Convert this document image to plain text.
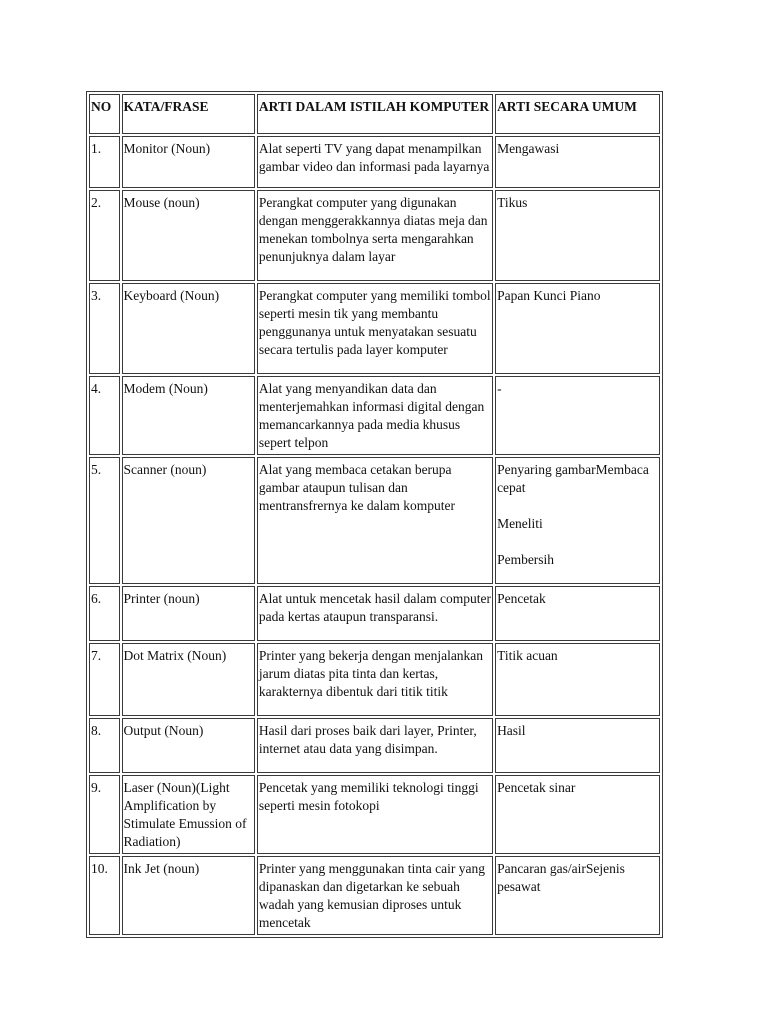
NO	KATA/FRASE	ARTI DALAM ISTILAH KOMPUTER	ARTI SECARA UMUM
1.	Monitor (Noun)	Alat seperti TV yang dapat menampilkan gambar video dan informasi pada layarnya	Mengawasi

2.	Mouse (noun)	Perangkat computer yang digunakan dengan menggerakkannya diatas meja dan menekan tombolnya serta mengarahkan penunjuknya dalam layar	Tikus

3.	Keyboard (Noun)	Perangkat computer yang memiliki tombol seperti mesin tik yang membantu penggunanya untuk menyatakan sesuatu secara tertulis pada layer komputer	Papan Kunci Piano

4.	Modem (Noun)	Alat yang menyandikan data dan menterjemahkan informasi digital dengan memancarkannya pada media khusus sepert telpon	-

5.	Scanner (noun)	Alat yang membaca cetakan berupa gambar ataupun tulisan dan mentransfrernya ke dalam komputer	Penyaring gambarMembaca cepat
Meneliti
Pembersih

6.	Printer (noun)	Alat untuk mencetak hasil dalam computer pada kertas ataupun transparansi.	Pencetak

7.	Dot Matrix (Noun)	Printer yang bekerja dengan menjalankan jarum diatas pita tinta dan kertas, karakternya dibentuk dari titik titik	Titik acuan

8.	Output (Noun)	Hasil dari proses baik dari layer, Printer, internet atau data yang disimpan.	Hasil

9.	Laser (Noun)(Light Amplification by Stimulate Emussion of Radiation)	Pencetak yang memiliki teknologi tinggi seperti mesin fotokopi	Pencetak sinar

10.	Ink Jet (noun)	Printer yang menggunakan tinta cair yang dipanaskan dan digetarkan ke sebuah wadah yang kemusian diproses untuk mencetak	Pancaran gas/airSejenis pesawat
